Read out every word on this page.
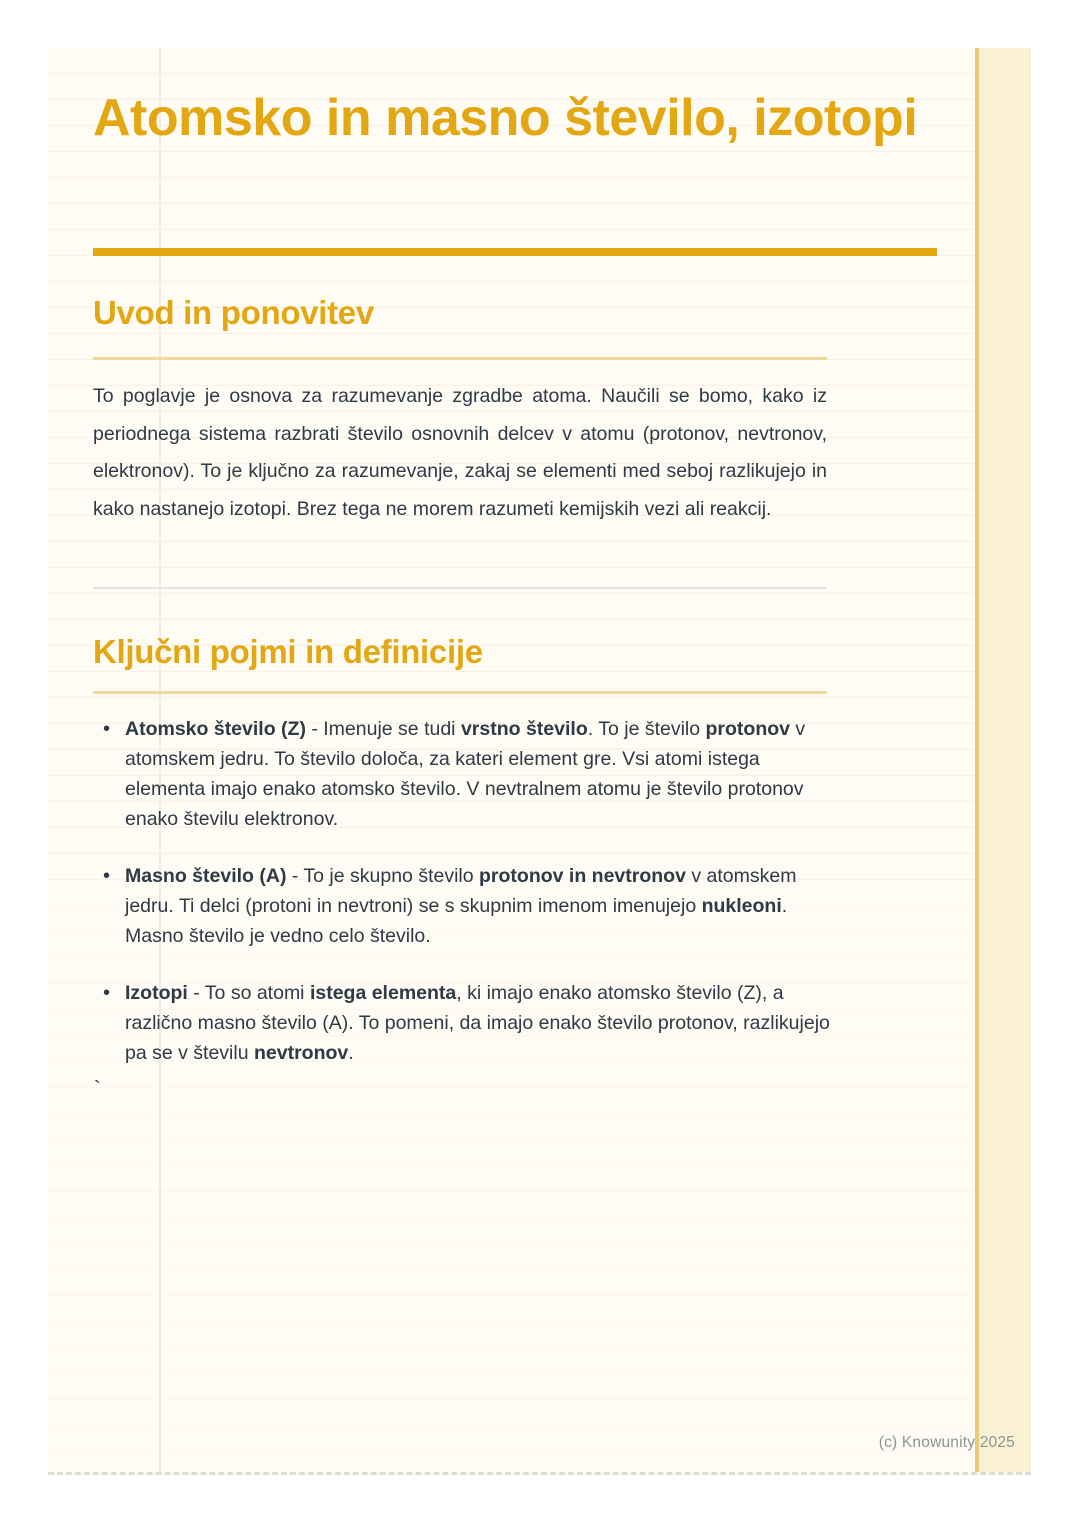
Atomsko in masno število, izotopi
Uvod in ponovitev

To poglavje je osnova za razumevanje zgradbe atoma. Naučili se bomo, kako iz periodnega sistema razbrati število osnovnih delcev v atomu (protonov, nevtronov, elektronov). To je ključno za razumevanje, zakaj se elementi med seboj razlikujejo in kako nastanejo izotopi. Brez tega ne morem razumeti kemijskih vezi ali reakcij.

Ključni pojmi in definicije
• Atomsko število (Z) - Imenuje se tudi vrstno število. To je število protonov v atomskem jedru. To število določa, za kateri element gre. Vsi atomi istega elementa imajo enako atomsko število. V nevtralnem atomu je število protonov enako številu elektronov.
• Masno število (A) - To je skupno število protonov in nevtronov v atomskem jedru. Ti delci (protoni in nevtroni) se s skupnim imenom imenujejo nukleoni. Masno število je vedno celo število.
• Izotopi - To so atomi istega elementa, ki imajo enako atomsko število (Z), a različno masno število (A). To pomeni, da imajo enako število protonov, razlikujejo pa se v številu nevtronov.
`
(c) Knowunity 2025
